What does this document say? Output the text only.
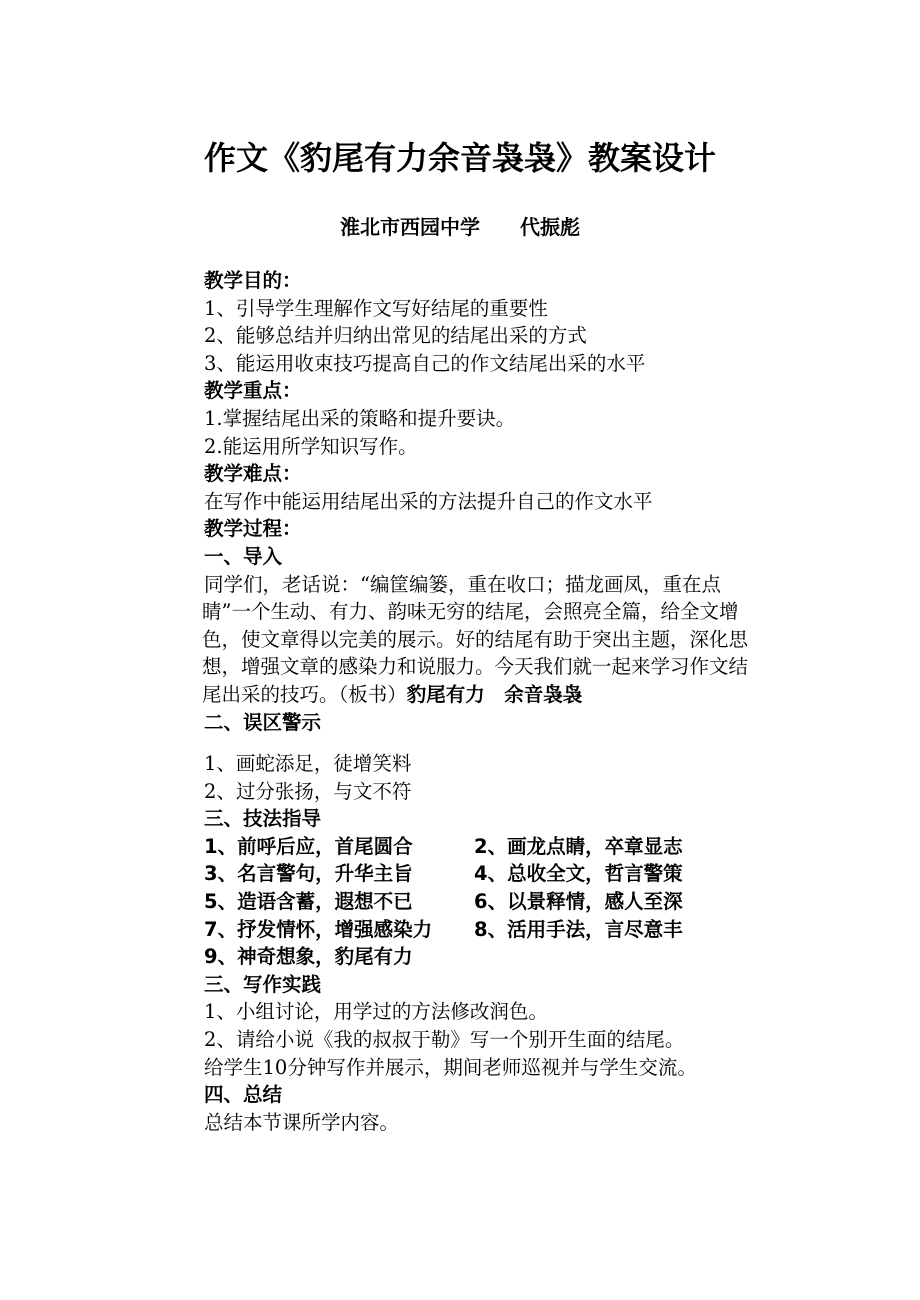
作文《豹尾有力余音袅袅》教案设计
淮北市西园中学 代振彪
教学目的：
1、引导学生理解作文写好结尾的重要性
2、能够总结并归纳出常见的结尾出采的方式
3、能运用收束技巧提高自己的作文结尾出采的水平
教学重点：
1.掌握结尾出采的策略和提升要诀。
2.能运用所学知识写作。
教学难点：
在写作中能运用结尾出采的方法提升自己的作文水平
教学过程：
一、导入
同学们，老话说：“编筐编篓，重在收口；描龙画凤，重在点
睛”一个生动、有力、韵味无穷的结尾，会照亮全篇，给全文增
色，使文章得以完美的展示。好的结尾有助于突出主题，深化思
想，增强文章的感染力和说服力。今天我们就一起来学习作文结
尾出采的技巧。（板书）豹尾有力　余音袅袅
二、误区警示
1、画蛇添足，徒增笑料
2、过分张扬，与文不符
三、技法指导
1、前呼后应，首尾圆合	2、画龙点睛，卒章显志
3、名言警句，升华主旨	4、总收全文，哲言警策
5、造语含蓄，遐想不已	6、以景释情，感人至深
7、抒发情怀，增强感染力	8、活用手法，言尽意丰
9、神奇想象，豹尾有力
三、写作实践
1、小组讨论，用学过的方法修改润色。
2、请给小说《我的叔叔于勒》写一个别开生面的结尾。
给学生10分钟写作并展示，期间老师巡视并与学生交流。
四、总结
总结本节课所学内容。
